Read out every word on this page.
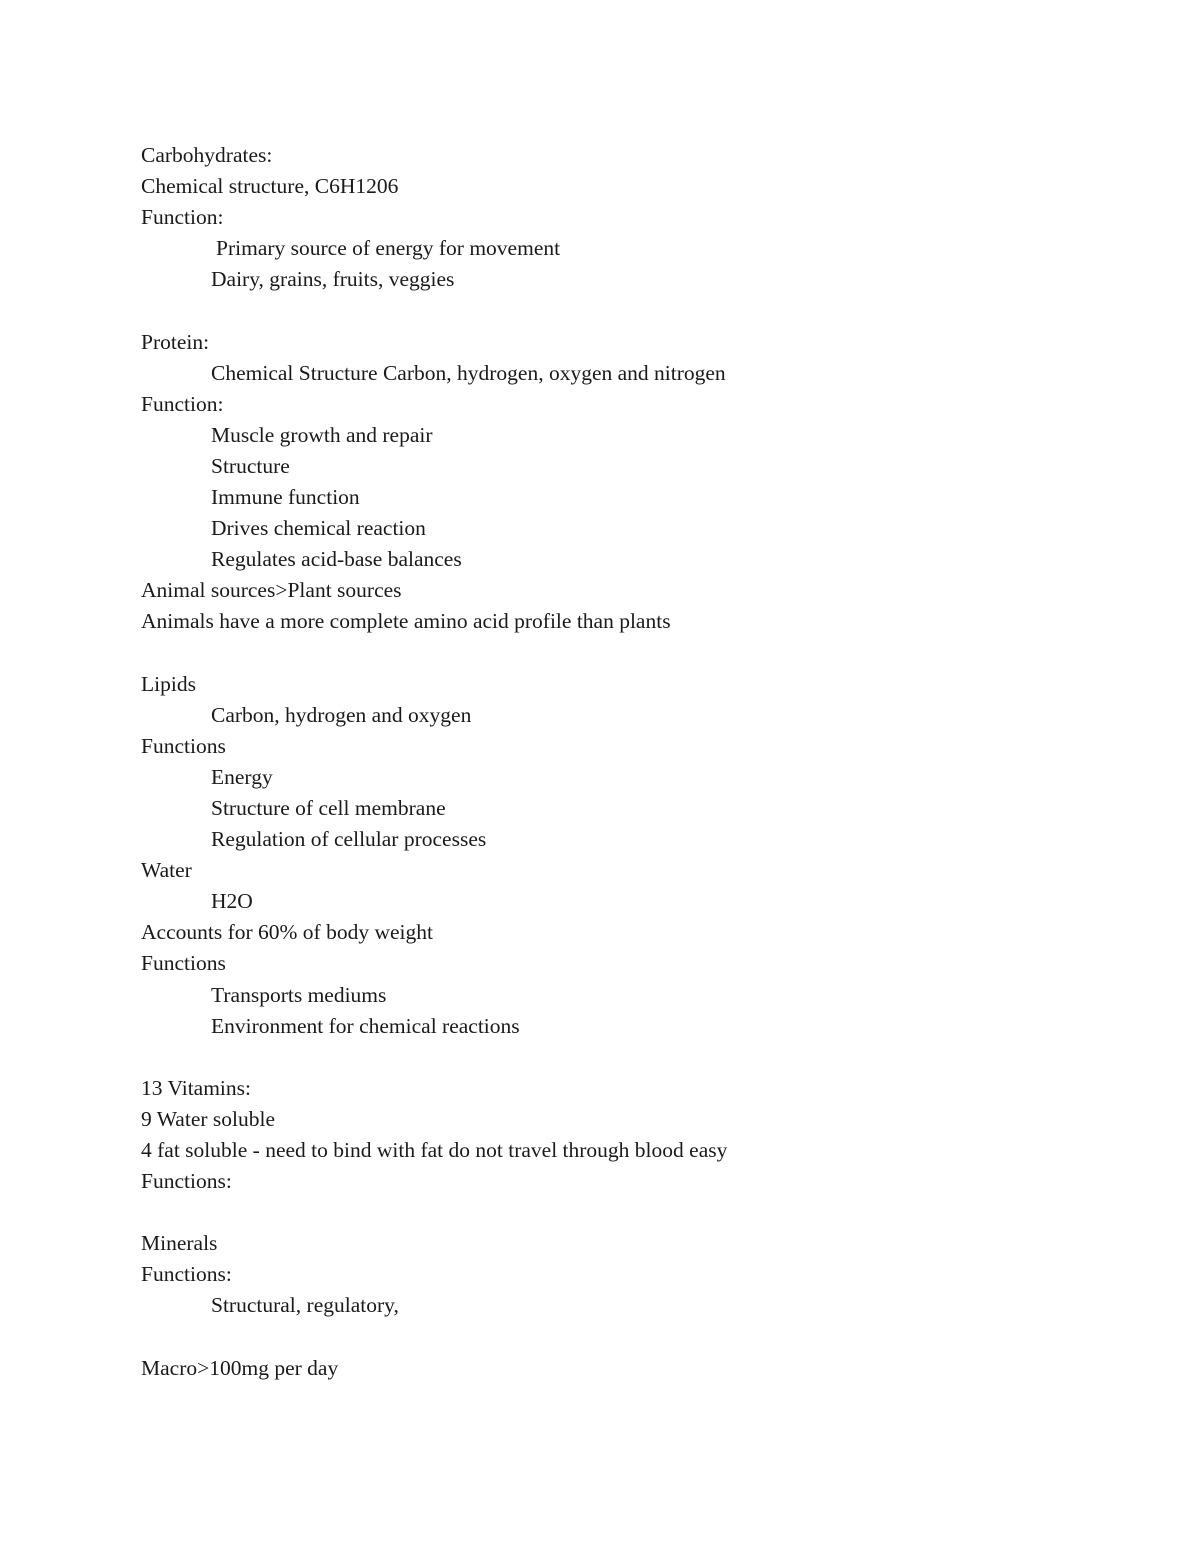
Carbohydrates:
Chemical structure, C6H1206
Function:
Primary source of energy for movement
Dairy, grains, fruits, veggies
Protein:
Chemical Structure Carbon, hydrogen, oxygen and nitrogen
Function:
Muscle growth and repair
Structure
Immune function
Drives chemical reaction
Regulates acid-base balances
Animal sources>Plant sources
Animals have a more complete amino acid profile than plants
Lipids
Carbon, hydrogen and oxygen
Functions
Energy
Structure of cell membrane
Regulation of cellular processes
Water
H2O
Accounts for 60% of body weight
Functions
Transports mediums
Environment for chemical reactions
13 Vitamins:
9 Water soluble
4 fat soluble - need to bind with fat do not travel through blood easy
Functions:
Minerals
Functions:
Structural, regulatory,
Macro>100mg per day
